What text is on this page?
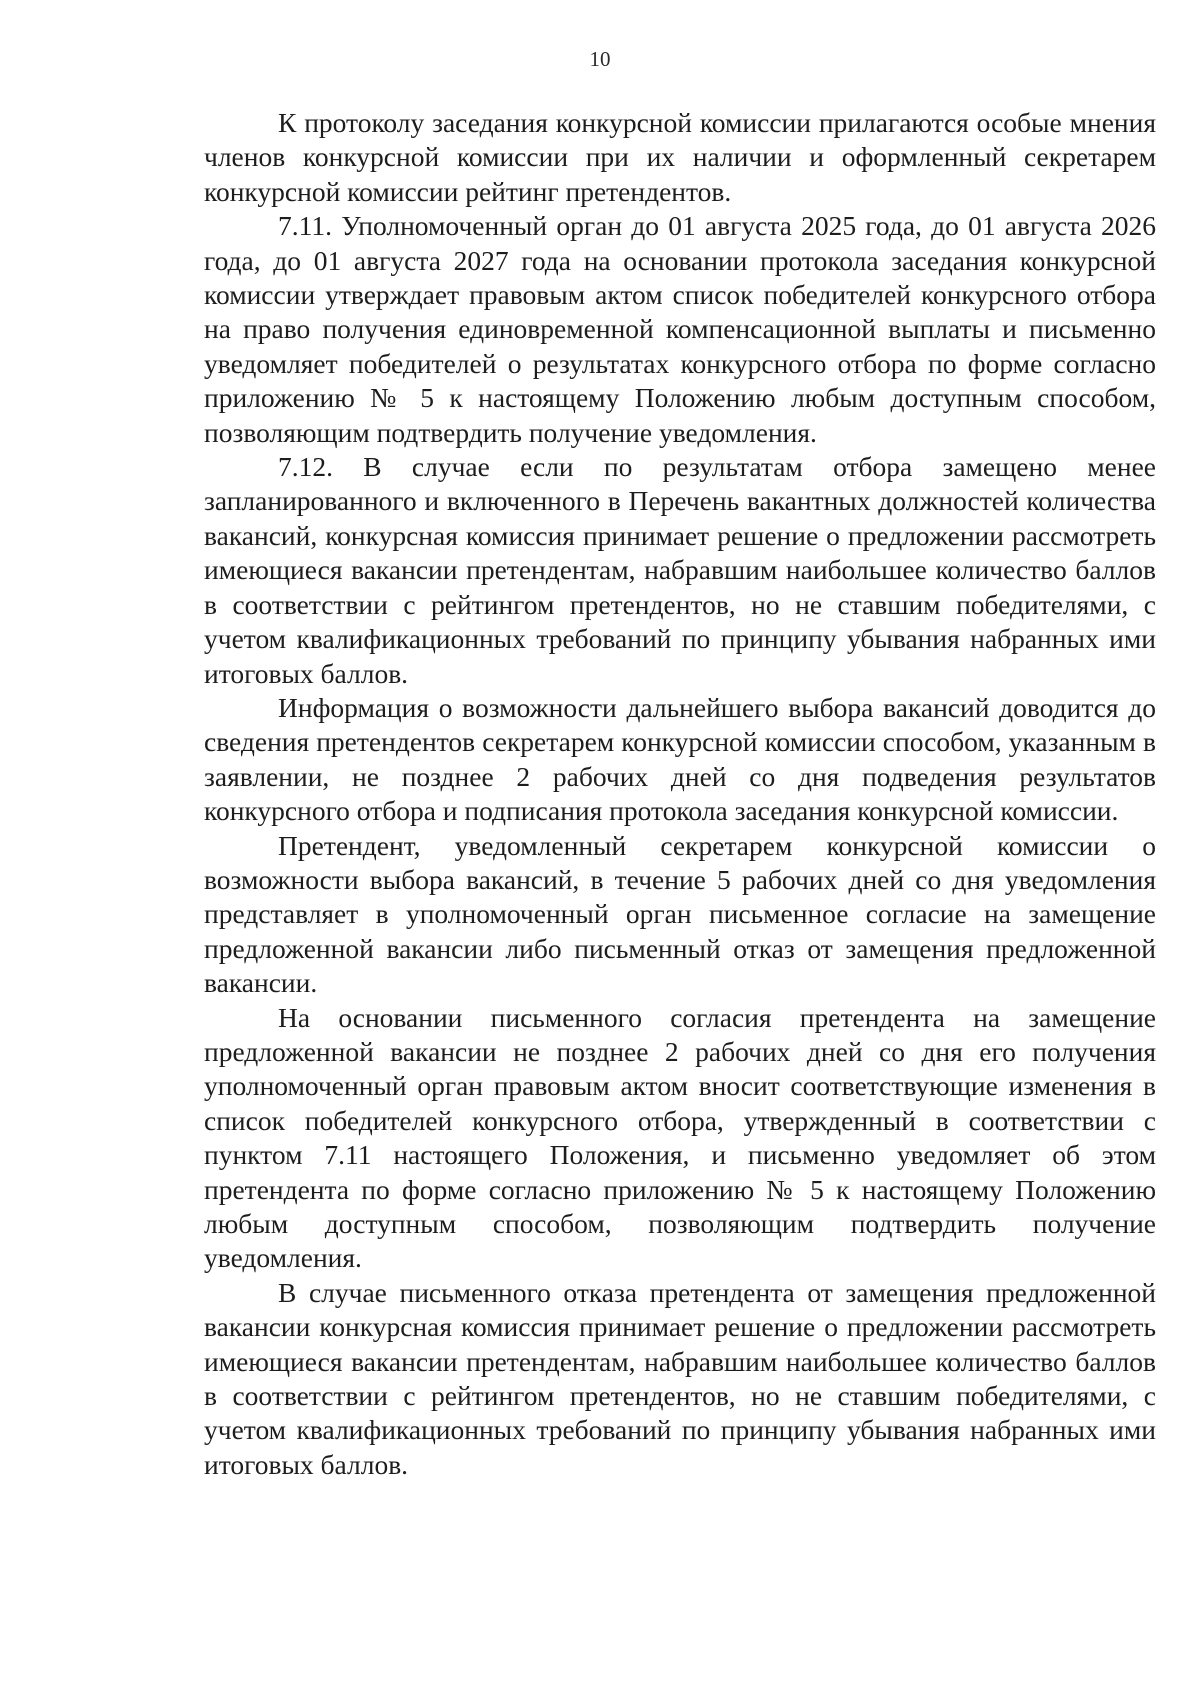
10

К протоколу заседания конкурсной комиссии прилагаются особые мнения членов конкурсной комиссии при их наличии и оформленный секретарем конкурсной комиссии рейтинг претендентов.

7.11. Уполномоченный орган до 01 августа 2025 года, до 01 августа 2026 года, до 01 августа 2027 года на основании протокола заседания конкурсной комиссии утверждает правовым актом список победителей конкурсного отбора на право получения единовременной компенсационной выплаты и письменно уведомляет победителей о результатах конкурсного отбора по форме согласно приложению № 5 к настоящему Положению любым доступным способом, позволяющим подтвердить получение уведомления.

7.12. В случае если по результатам отбора замещено менее запланированного и включенного в Перечень вакантных должностей количества вакансий, конкурсная комиссия принимает решение о предложении рассмотреть имеющиеся вакансии претендентам, набравшим наибольшее количество баллов в соответствии с рейтингом претендентов, но не ставшим победителями, с учетом квалификационных требований по принципу убывания набранных ими итоговых баллов.

Информация о возможности дальнейшего выбора вакансий доводится до сведения претендентов секретарем конкурсной комиссии способом, указанным в заявлении, не позднее 2 рабочих дней со дня подведения результатов конкурсного отбора и подписания протокола заседания конкурсной комиссии.

Претендент, уведомленный секретарем конкурсной комиссии о возможности выбора вакансий, в течение 5 рабочих дней со дня уведомления представляет в уполномоченный орган письменное согласие на замещение предложенной вакансии либо письменный отказ от замещения предложенной вакансии.

На основании письменного согласия претендента на замещение предложенной вакансии не позднее 2 рабочих дней со дня его получения уполномоченный орган правовым актом вносит соответствующие изменения в список победителей конкурсного отбора, утвержденный в соответствии с пунктом 7.11 настоящего Положения, и письменно уведомляет об этом претендента по форме согласно приложению № 5 к настоящему Положению любым доступным способом, позволяющим подтвердить получение уведомления.

В случае письменного отказа претендента от замещения предложенной вакансии конкурсная комиссия принимает решение о предложении рассмотреть имеющиеся вакансии претендентам, набравшим наибольшее количество баллов в соответствии с рейтингом претендентов, но не ставшим победителями, с учетом квалификационных требований по принципу убывания набранных ими итоговых баллов.
